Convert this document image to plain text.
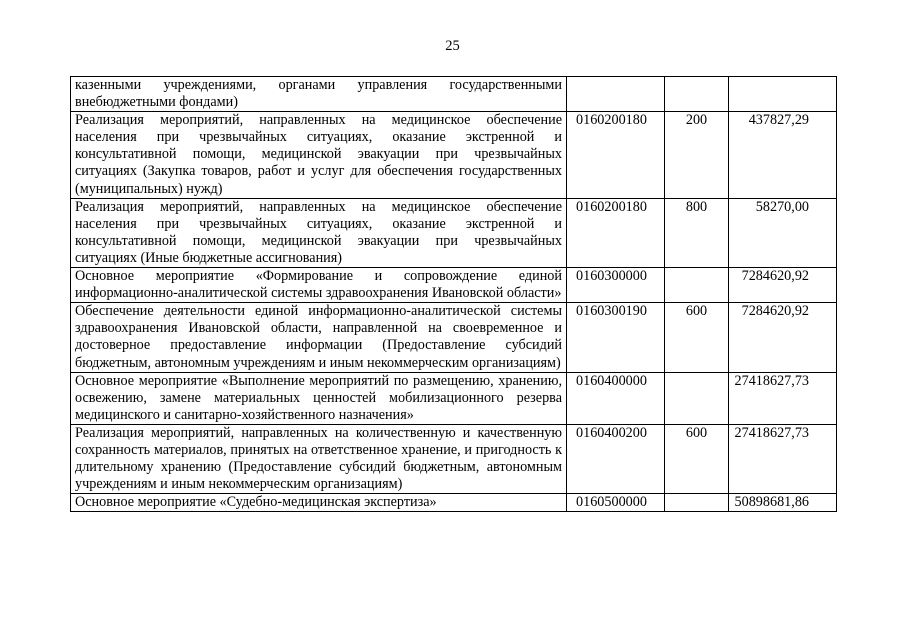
25
казенными учреждениями, органами управления государственными внебюджетными фондами)			
Реализация мероприятий, направленных на медицинское обеспечение населения при чрезвычайных ситуациях, оказание экстренной и консультативной помощи, медицинской эвакуации при чрезвычайных ситуациях (Закупка товаров, работ и услуг для обеспечения государственных (муниципальных) нужд)	0160200180	200	437827,29
Реализация мероприятий, направленных на медицинское обеспечение населения при чрезвычайных ситуациях, оказание экстренной и консультативной помощи, медицинской эвакуации при чрезвычайных ситуациях (Иные бюджетные ассигнования)	0160200180	800	58270,00
Основное мероприятие «Формирование и сопровождение единой информационно-аналитической системы здравоохранения Ивановской области»	0160300000		7284620,92
Обеспечение деятельности единой информационно-аналитической системы здравоохранения Ивановской области, направленной на своевременное и достоверное предоставление информации (Предоставление субсидий бюджетным, автономным учреждениям и иным некоммерческим организациям)	0160300190	600	7284620,92
Основное мероприятие «Выполнение мероприятий по размещению, хранению, освежению, замене материальных ценностей мобилизационного резерва медицинского и санитарно-хозяйственного назначения»	0160400000		27418627,73
Реализация мероприятий, направленных на количественную и качественную сохранность материалов, принятых на ответственное хранение, и пригодность к длительному хранению (Предоставление субсидий бюджетным, автономным учреждениям и иным некоммерческим организациям)	0160400200	600	27418627,73
Основное мероприятие «Судебно-медицинская экспертиза»	0160500000		50898681,86
